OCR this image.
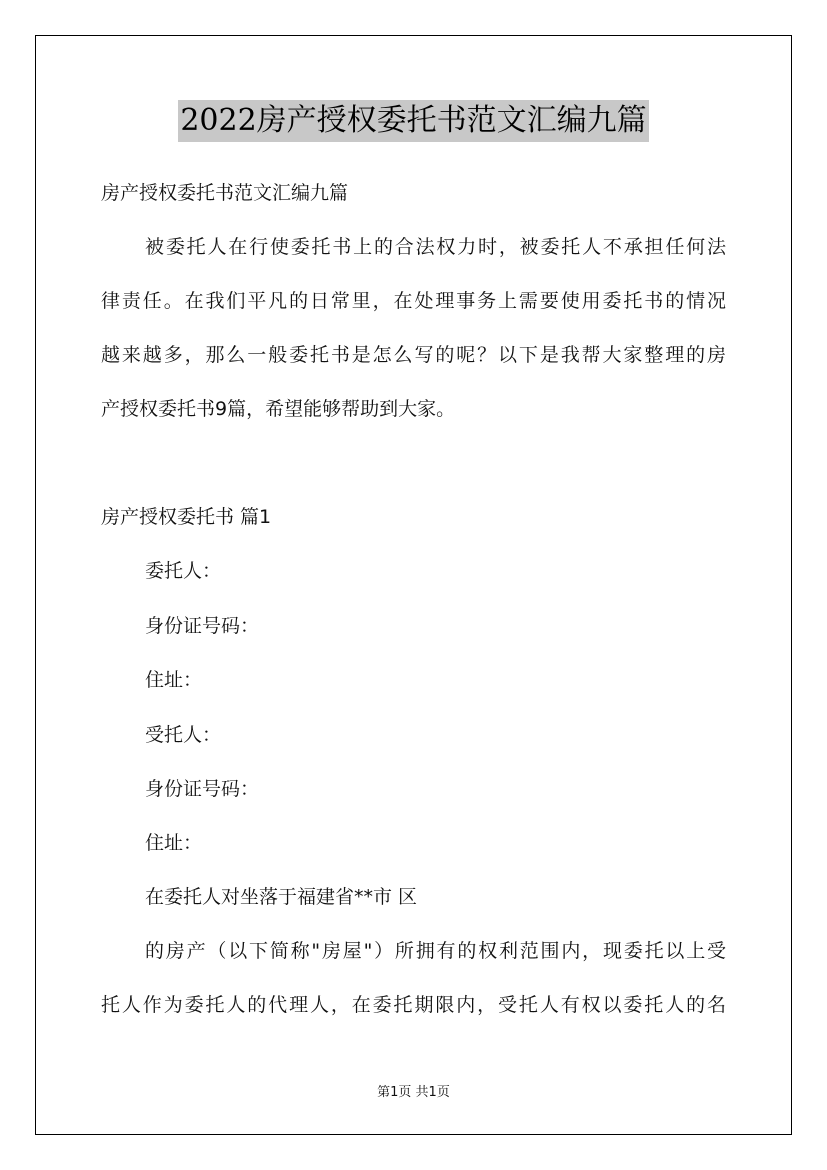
2022房产授权委托书范文汇编九篇
房产授权委托书范文汇编九篇
被委托人在行使委托书上的合法权力时，被委托人不承担任何法
律责任。在我们平凡的日常里，在处理事务上需要使用委托书的情况
越来越多，那么一般委托书是怎么写的呢？以下是我帮大家整理的房
产授权委托书9篇，希望能够帮助到大家。
房产授权委托书 篇1
委托人：
身份证号码：
住址：
受托人：
身份证号码：
住址：
在委托人对坐落于福建省**市 区
的房产（以下简称"房屋"）所拥有的权利范围内，现委托以上受
托人作为委托人的代理人，在委托期限内，受托人有权以委托人的名
第1页 共1页
